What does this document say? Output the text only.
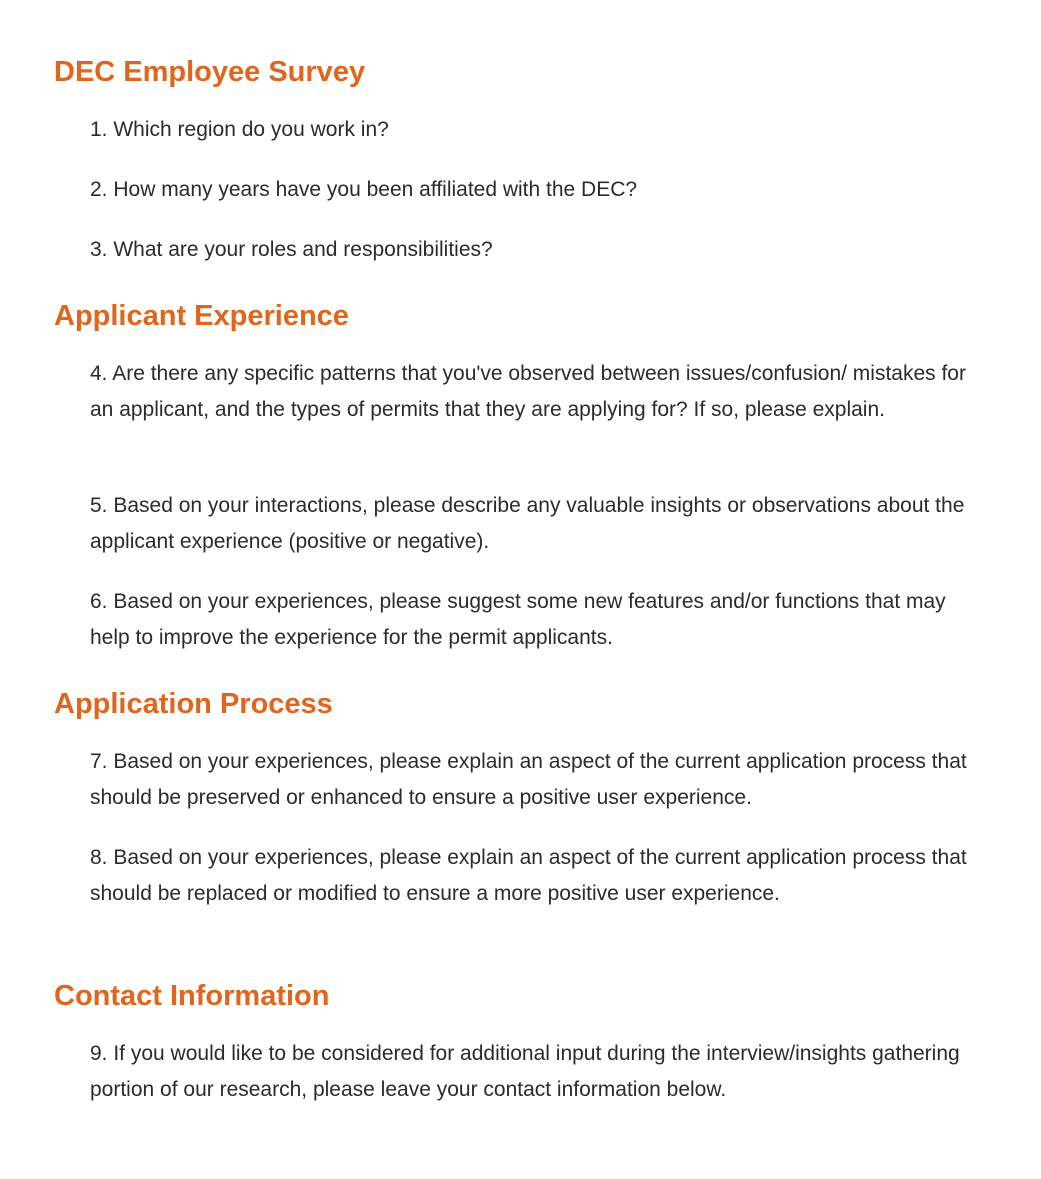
DEC Employee Survey

1. Which region do you work in?

2. How many years have you been affiliated with the DEC?

3. What are your roles and responsibilities?

Applicant Experience

4. Are there any specific patterns that you've observed between issues/confusion/ mistakes for an applicant, and the types of permits that they are applying for? If so, please explain.

5. Based on your interactions, please describe any valuable insights or observations about the applicant experience (positive or negative).

6. Based on your experiences, please suggest some new features and/or functions that may help to improve the experience for the permit applicants.

Application Process

7. Based on your experiences, please explain an aspect of the current application process that should be preserved or enhanced to ensure a positive user experience.

8. Based on your experiences, please explain an aspect of the current application process that should be replaced or modified to ensure a more positive user experience.

Contact Information

9. If you would like to be considered for additional input during the interview/insights gathering portion of our research, please leave your contact information below.
